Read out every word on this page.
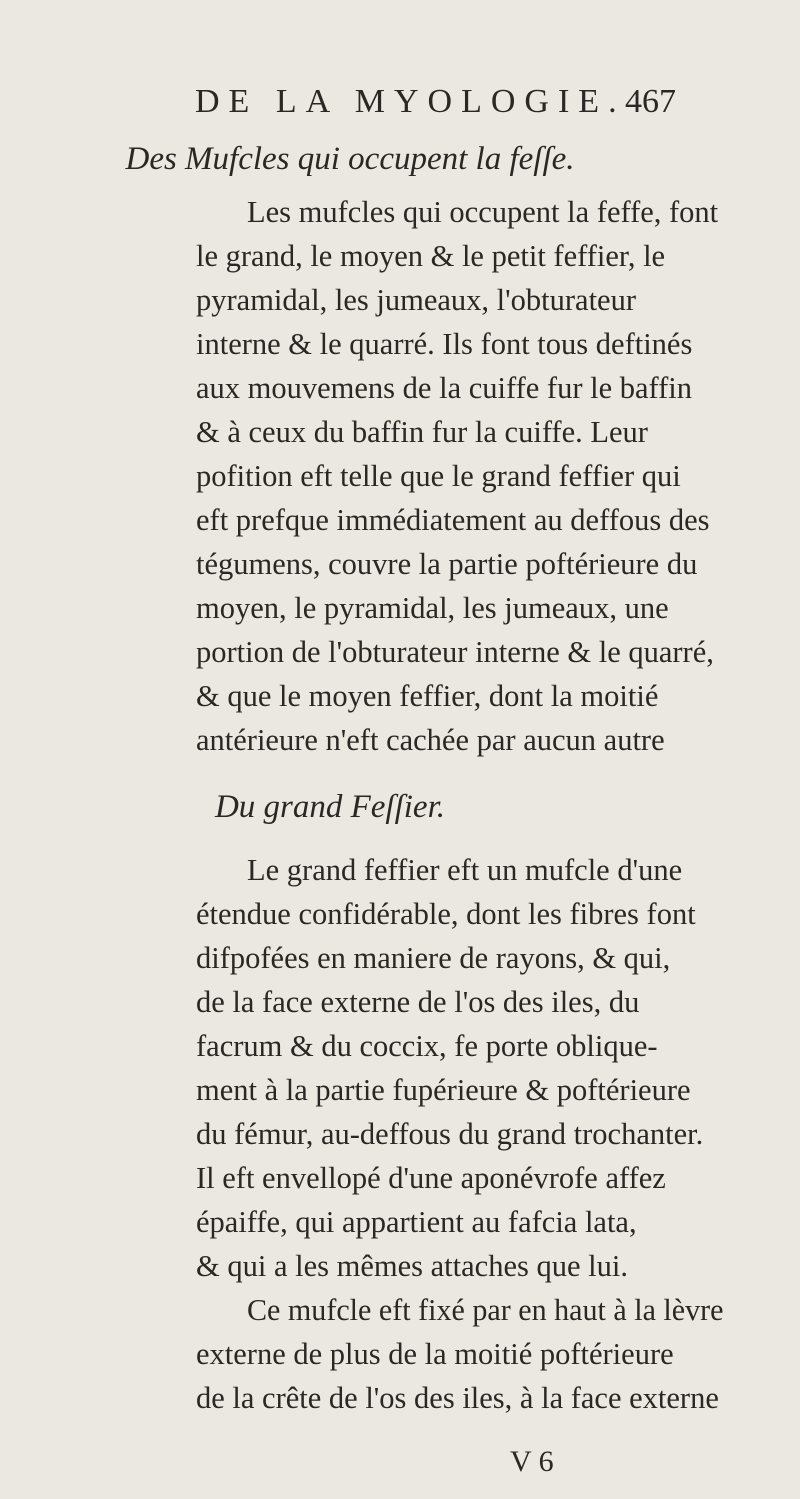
DE LA MYOLOGIE. 467
Des Mufcles qui occupent la feſſe.
Les mufcles qui occupent la feffe, font
le grand, le moyen & le petit feffier, le
pyramidal, les jumeaux, l'obturateur
interne & le quarré. Ils font tous deftinés
aux mouvemens de la cuiffe fur le baffin
& à ceux du baffin fur la cuiffe. Leur
pofition eft telle que le grand feffier qui
eft prefque immédiatement au deffous des
tégumens, couvre la partie poftérieure du
moyen, le pyramidal, les jumeaux, une
portion de l'obturateur interne & le quarré,
& que le moyen feffier, dont la moitié
antérieure n'eft cachée par aucun autre
Du grand Feſſier.
Le grand feffier eft un mufcle d'une
étendue confidérable, dont les fibres font
difpofées en maniere de rayons, & qui,
de la face externe de l'os des iles, du
facrum & du coccix, fe porte oblique-
ment à la partie fupérieure & poftérieure
du fémur, au-deffous du grand trochanter.
Il eft envellopé d'une aponévrofe affez
épaiffe, qui appartient au fafcia lata,
& qui a les mêmes attaches que lui.
Ce mufcle eft fixé par en haut à la lèvre
externe de plus de la moitié poftérieure
de la crête de l'os des iles, à la face externe
V 6
